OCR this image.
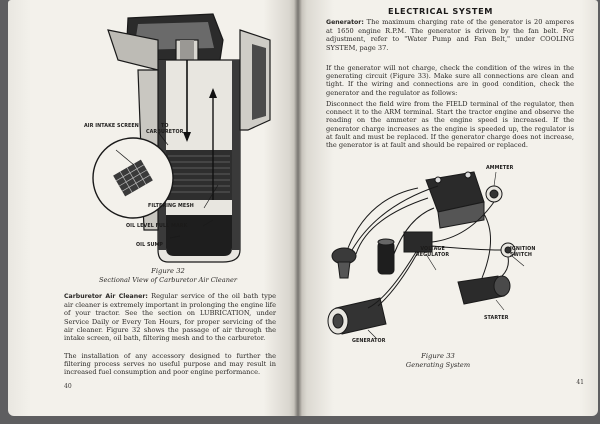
AIR INTAKE SCREEN	TO
CARBURETOR
FILTERING MESH
OIL LEVEL FULL MARK
OIL SUMP
Figure 32
Sectional View of Carburetor Air Cleaner

Carburetor Air Cleaner: Regular service of the oil bath type air cleaner is extremely important in prolonging the engine life of your tractor. See the section on LUBRICATION, under Service Daily or Every Ten Hours, for proper servicing of the air cleaner. Figure 32 shows the passage of air through the intake screen, oil bath, filtering mesh and to the carburetor.

The installation of any accessory designed to further the filtering process serves no useful purpose and may result in increased fuel consumption and poor engine performance.

40
ELECTRICAL SYSTEM

Generator: The maximum charging rate of the generator is 20 amperes at 1650 engine R.P.M. The generator is driven by the fan belt. For adjustment, refer to "Water Pump and Fan Belt," under COOLING SYSTEM, page 37.

If the generator will not charge, check the condition of the wires in the generating circuit (Figure 33). Make sure all connections are clean and tight. If the wiring and connections are in good condition, check the generator and the regulator as follows:

Disconnect the field wire from the FIELD terminal of the regulator, then connect it to the ARM terminal. Start the tractor engine and observe the reading on the ammeter as the engine speed is increased. If the generator charge increases as the engine is speeded up, the regulator is at fault and must be replaced. If the generator charge does not increase, the generator is at fault and should be repaired or replaced.

AMMETER
VOLTAGE
REGULATOR
IGNITION
SWITCH
STARTER
GENERATOR
Figure 33
Generating System
41
